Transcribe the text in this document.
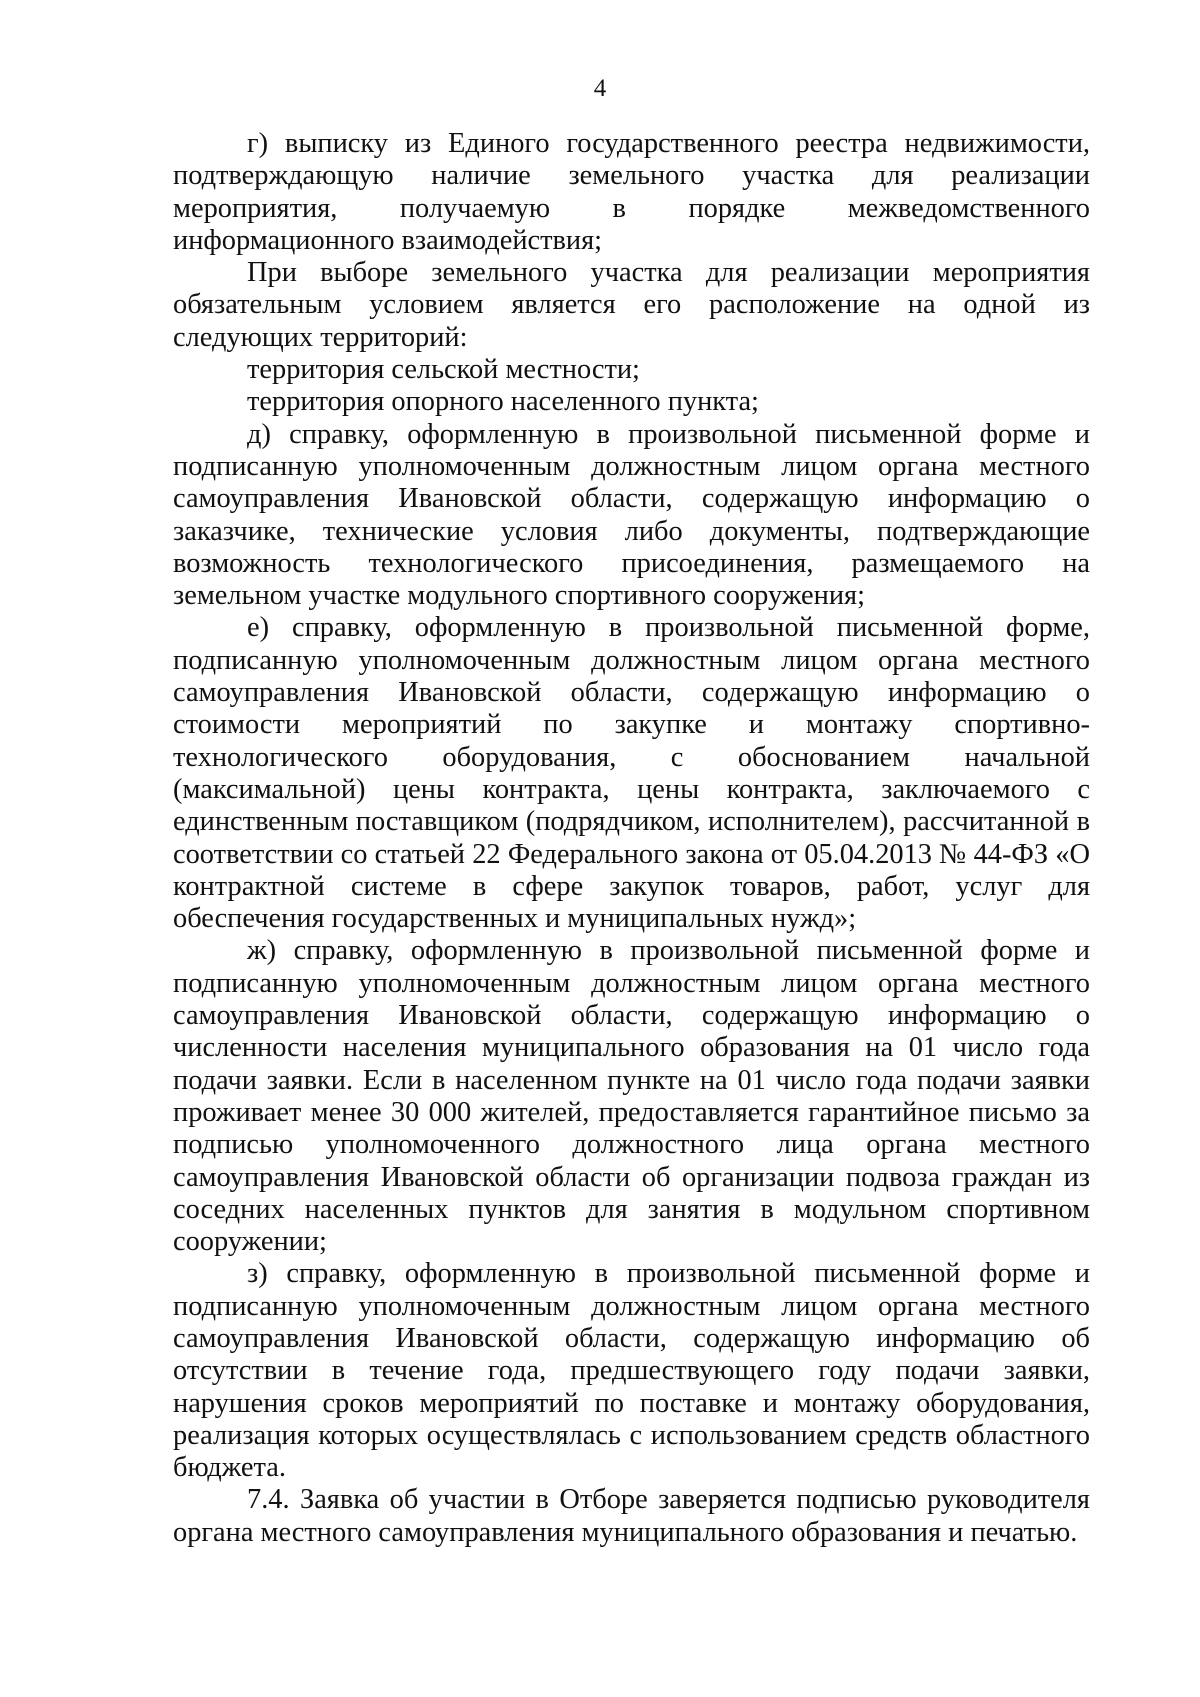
4

г) выписку из Единого государственного реестра недвижимости, подтверждающую наличие земельного участка для реализации мероприятия, получаемую в порядке межведомственного информационного взаимодействия;

При выборе земельного участка для реализации мероприятия обязательным условием является его расположение на одной из следующих территорий:

территория сельской местности;

территория опорного населенного пункта;

д) справку, оформленную в произвольной письменной форме и подписанную уполномоченным должностным лицом органа местного самоуправления Ивановской области, содержащую информацию о заказчике, технические условия либо документы, подтверждающие возможность технологического присоединения, размещаемого на земельном участке модульного спортивного сооружения;

е) справку, оформленную в произвольной письменной форме, подписанную уполномоченным должностным лицом органа местного самоуправления Ивановской области, содержащую информацию о стоимости мероприятий по закупке и монтажу спортивно-технологического оборудования, с обоснованием начальной (максимальной) цены контракта, цены контракта, заключаемого с единственным поставщиком (подрядчиком, исполнителем), рассчитанной в соответствии со статьей 22 Федерального закона от 05.04.2013 № 44-ФЗ «О контрактной системе в сфере закупок товаров, работ, услуг для обеспечения государственных и муниципальных нужд»;

ж) справку, оформленную в произвольной письменной форме и подписанную уполномоченным должностным лицом органа местного самоуправления Ивановской области, содержащую информацию о численности населения муниципального образования на 01 число года подачи заявки. Если в населенном пункте на 01 число года подачи заявки проживает менее 30 000 жителей, предоставляется гарантийное письмо за подписью уполномоченного должностного лица органа местного самоуправления Ивановской области об организации подвоза граждан из соседних населенных пунктов для занятия в модульном спортивном сооружении;

з) справку, оформленную в произвольной письменной форме и подписанную уполномоченным должностным лицом органа местного самоуправления Ивановской области, содержащую информацию об отсутствии в течение года, предшествующего году подачи заявки, нарушения сроков мероприятий по поставке и монтажу оборудования, реализация которых осуществлялась с использованием средств областного бюджета.

7.4. Заявка об участии в Отборе заверяется подписью руководителя органа местного самоуправления муниципального образования и печатью.
